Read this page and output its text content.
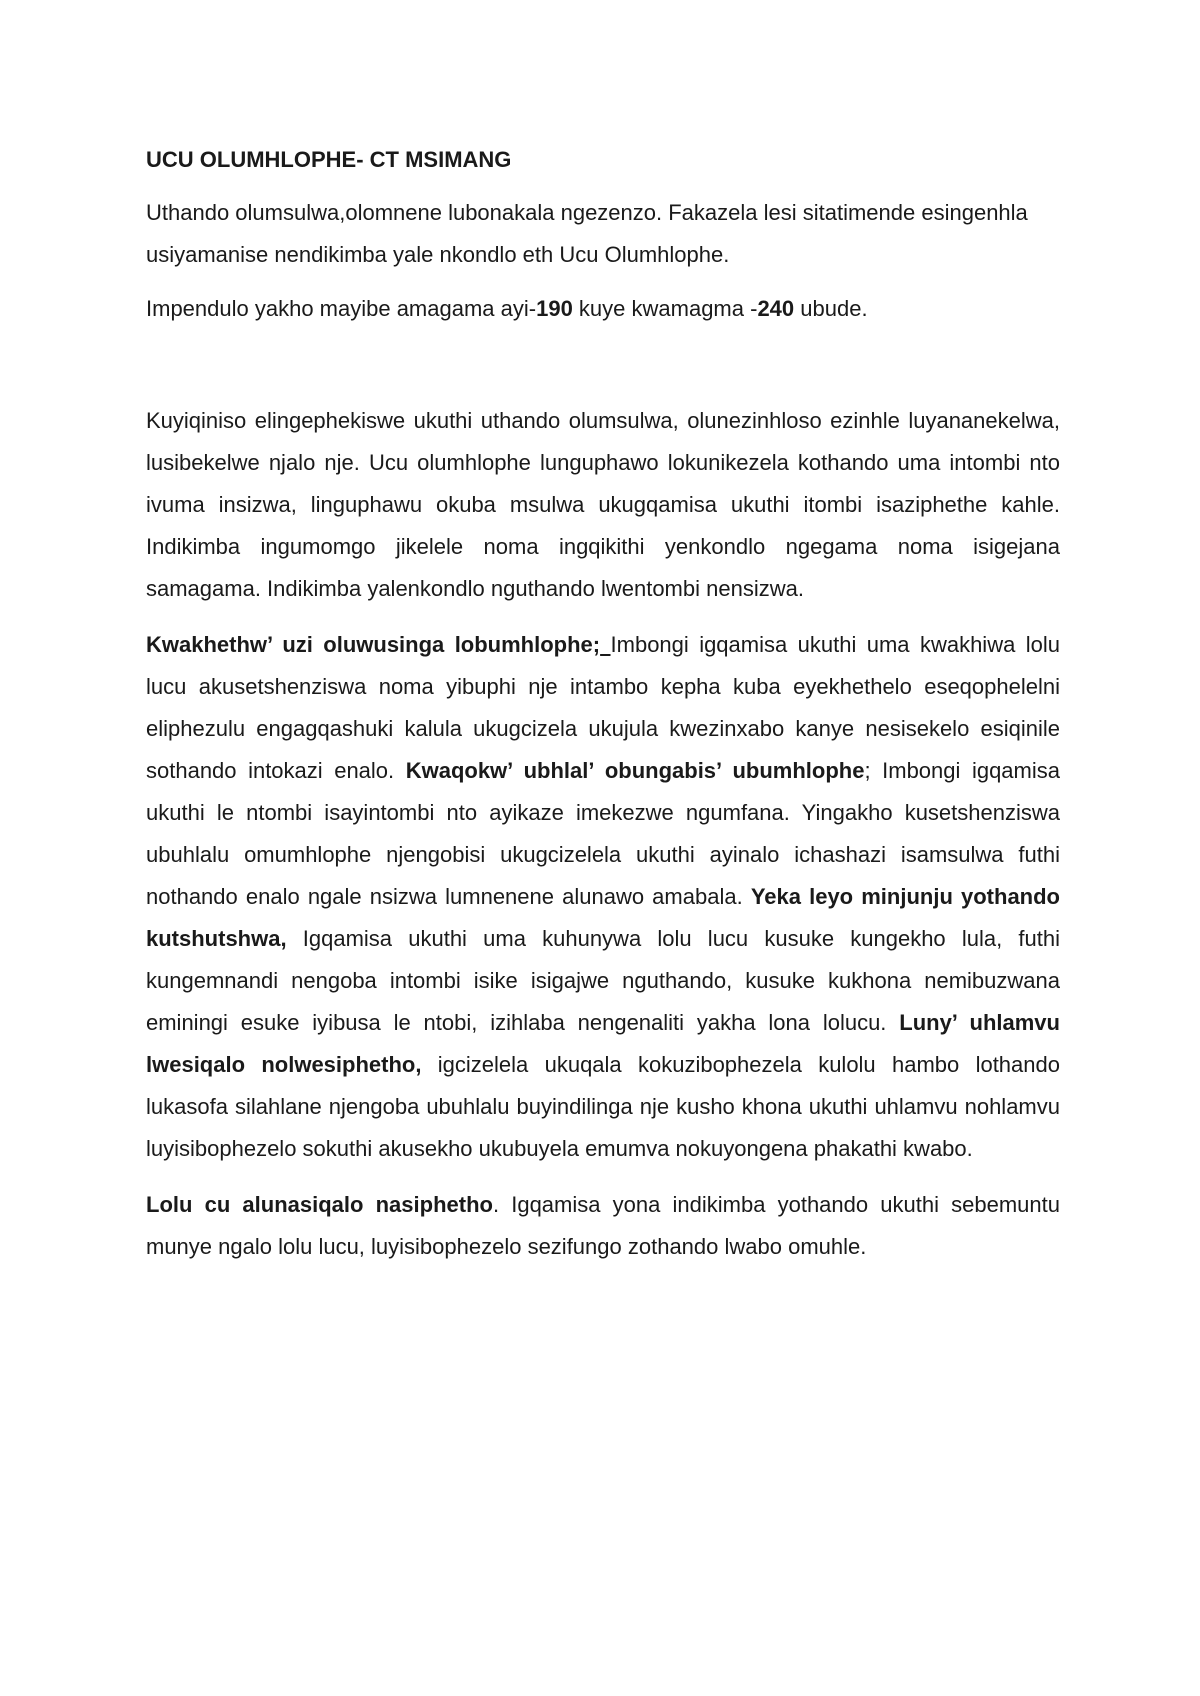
UCU OLUMHLOPHE- CT MSIMANG

Uthando olumsulwa,olomnene lubonakala ngezenzo. Fakazela lesi sitatimende esingenhla usiyamanise nendikimba yale nkondlo eth Ucu Olumhlophe.

Impendulo yakho mayibe amagama ayi-190 kuye kwamagma -240 ubude.

Kuyiqiniso elingephekiswe ukuthi uthando olumsulwa, olunezinhloso ezinhle luyananekelwa, lusibekelwe njalo nje. Ucu olumhlophe lunguphawo lokunikezela kothando uma intombi nto ivuma insizwa, linguphawu okuba msulwa ukugqamisa ukuthi itombi isaziphethe kahle. Indikimba ingumomgo jikelele noma ingqikithi yenkondlo ngegama noma isigejana samagama. Indikimba yalenkondlo nguthando lwentombi nensizwa.

Kwakhethw’ uzi oluwusinga lobumhlophe; Imbongi igqamisa ukuthi uma kwakhiwa lolu lucu akusetshenziswa noma yibuphi nje intambo kepha kuba eyekhethelo eseqophelelni eliphezulu engagqashuki kalula ukugcizela ukujula kwezinxabo kanye nesisekelo esiqinile sothando intokazi enalo. Kwaqokw’ ubhlal’ obungabis’ ubumhlophe; Imbongi igqamisa ukuthi le ntombi isayintombi nto ayikaze imekezwe ngumfana. Yingakho kusetshenziswa ubuhlalu omumhlophe njengobisi ukugcizelela ukuthi ayinalo ichashazi isamsulwa futhi nothando enalo ngale nsizwa lumnenene alunawo amabala. Yeka leyo minjunju yothando kutshutshwa, Igqamisa ukuthi uma kuhunywa lolu lucu kusuke kungekho lula, futhi kungemnandi nengoba intombi isike isigajwe nguthando, kusuke kukhona nemibuzwana eminingi esuke iyibusa le ntobi, izihlaba nengenaliti yakha lona lolucu. Luny’ uhlamvu lwesiqalo nolwesiphetho, igcizelela ukuqala kokuzibophezela kulolu hambo lothando lukasofa silahlane njengoba ubuhlalu buyindilinga nje kusho khona ukuthi uhlamvu nohlamvu luyisibophezelo sokuthi akusekho ukubuyela emumva nokuyongena phakathi kwabo.

Lolu cu alunasiqalo nasiphetho. Igqamisa yona indikimba yothando ukuthi sebemuntu munye ngalo lolu lucu, luyisibophezelo sezifungo zothando lwabo omuhle.
